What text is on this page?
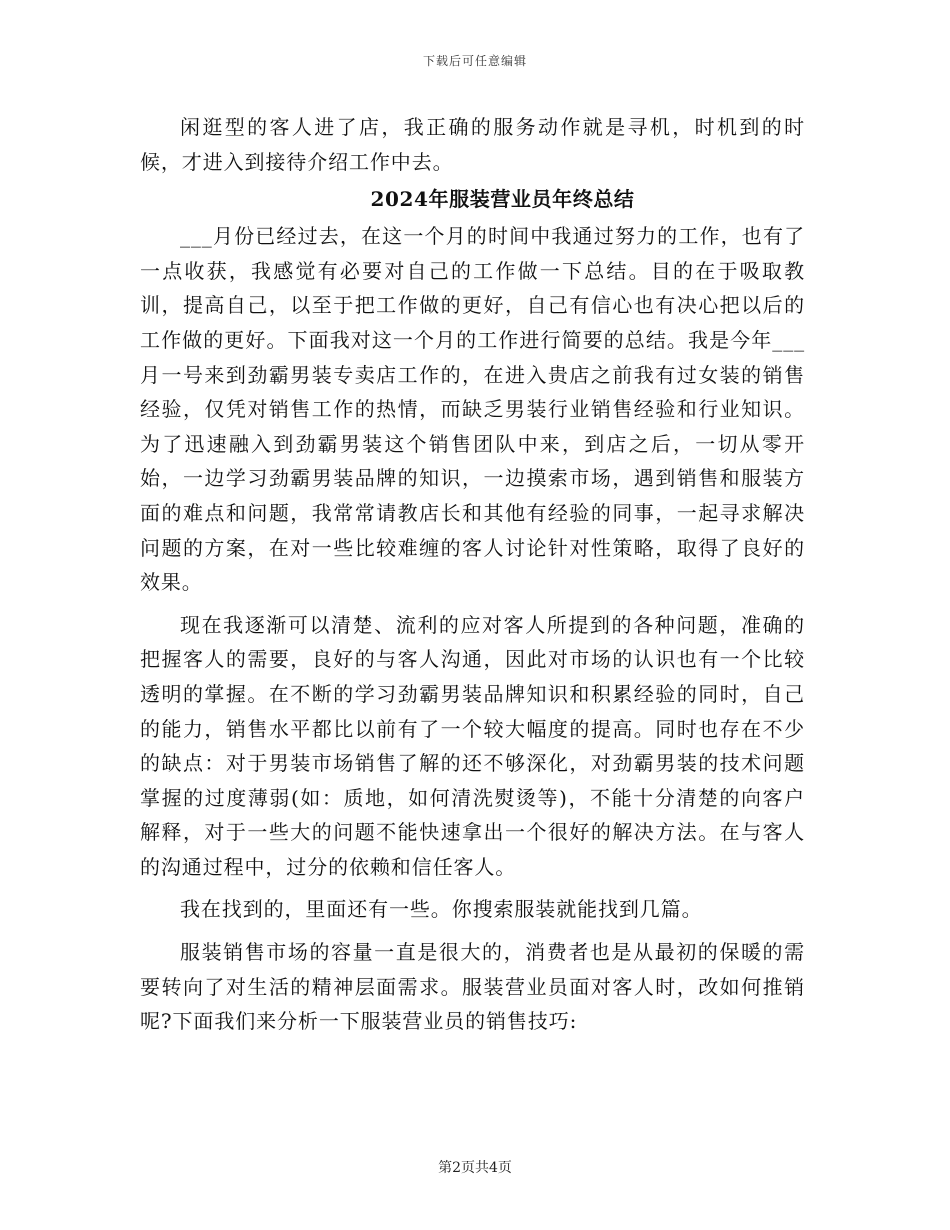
下载后可任意编辑

闲逛型的客人进了店，我正确的服务动作就是寻机，时机到的时候，才进入到接待介绍工作中去。

2024年服装营业员年终总结

___月份已经过去，在这一个月的时间中我通过努力的工作，也有了一点收获，我感觉有必要对自己的工作做一下总结。目的在于吸取教训，提高自己，以至于把工作做的更好，自己有信心也有决心把以后的工作做的更好。下面我对这一个月的工作进行简要的总结。我是今年___月一号来到劲霸男装专卖店工作的，在进入贵店之前我有过女装的销售经验，仅凭对销售工作的热情，而缺乏男装行业销售经验和行业知识。为了迅速融入到劲霸男装这个销售团队中来，到店之后，一切从零开始，一边学习劲霸男装品牌的知识，一边摸索市场，遇到销售和服装方面的难点和问题，我常常请教店长和其他有经验的同事，一起寻求解决问题的方案，在对一些比较难缠的客人讨论针对性策略，取得了良好的效果。

现在我逐渐可以清楚、流利的应对客人所提到的各种问题，准确的把握客人的需要，良好的与客人沟通，因此对市场的认识也有一个比较透明的掌握。在不断的学习劲霸男装品牌知识和积累经验的同时，自己的能力，销售水平都比以前有了一个较大幅度的提高。同时也存在不少的缺点：对于男装市场销售了解的还不够深化，对劲霸男装的技术问题掌握的过度薄弱(如：质地，如何清洗熨烫等)，不能十分清楚的向客户解释，对于一些大的问题不能快速拿出一个很好的解决方法。在与客人的沟通过程中，过分的依赖和信任客人。

我在找到的，里面还有一些。你搜索服装就能找到几篇。

服装销售市场的容量一直是很大的，消费者也是从最初的保暖的需要转向了对生活的精神层面需求。服装营业员面对客人时，改如何推销呢?下面我们来分析一下服装营业员的销售技巧:

第2页共4页
